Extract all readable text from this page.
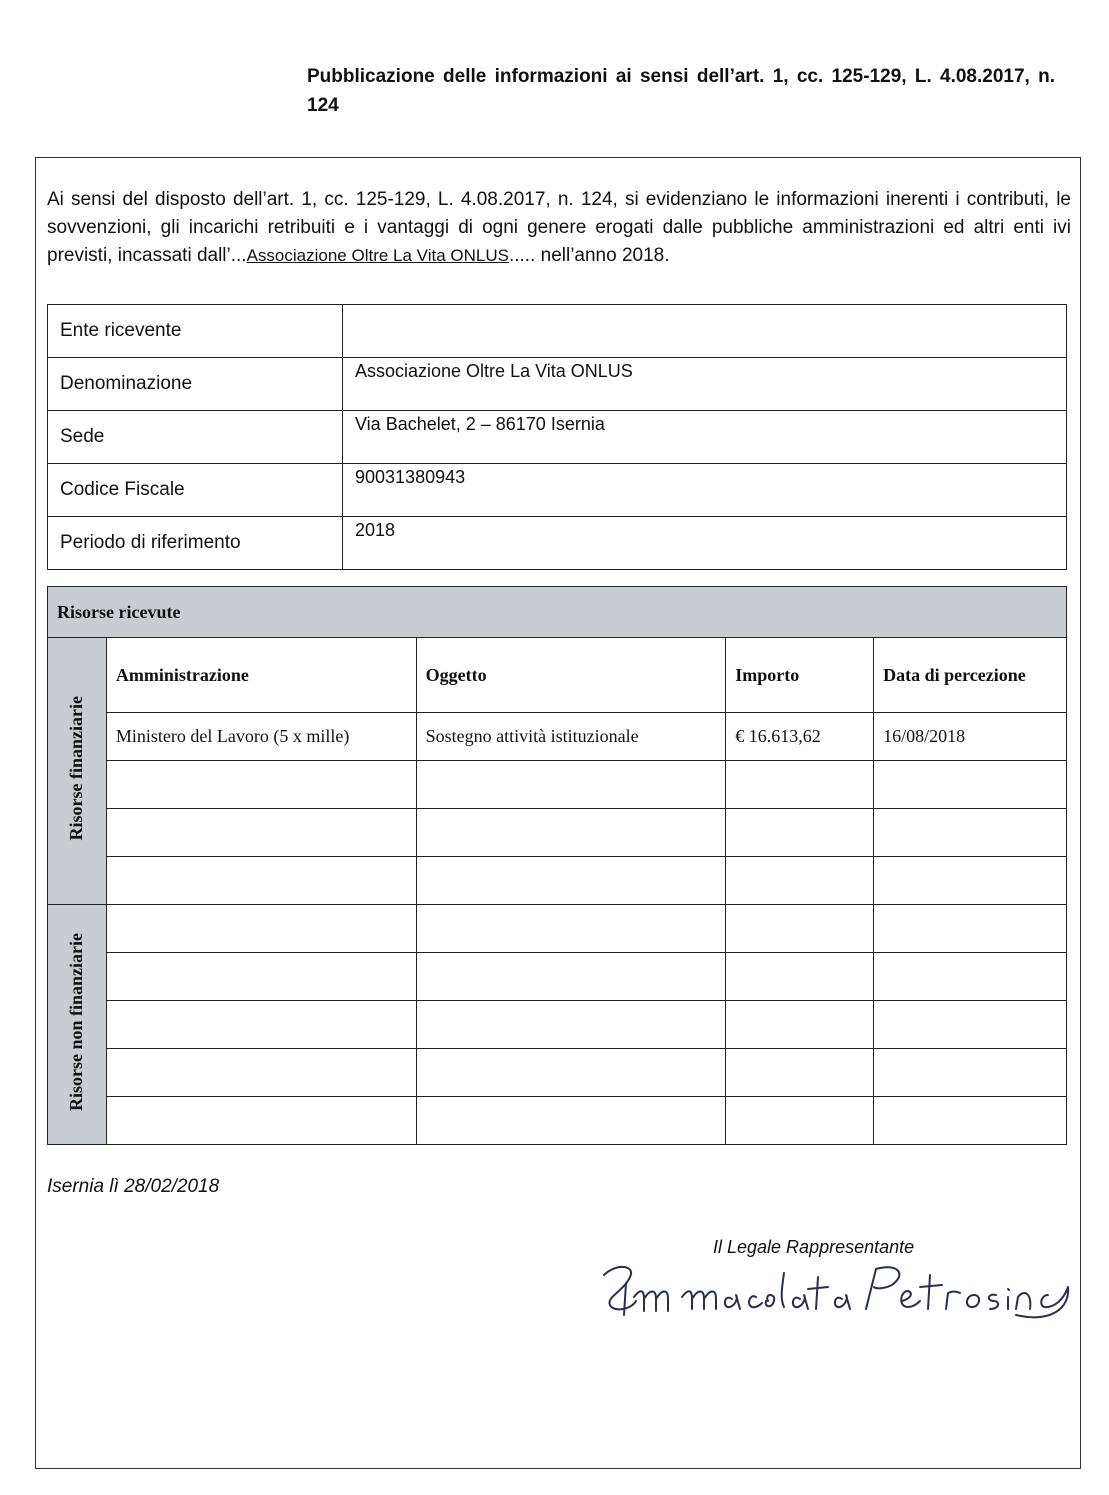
Pubblicazione delle informazioni ai sensi dell’art. 1, cc. 125-129, L. 4.08.2017, n. 124
Ai sensi del disposto dell’art. 1, cc. 125-129, L. 4.08.2017, n. 124, si evidenziano le informazioni inerenti i contributi, le sovvenzioni, gli incarichi retribuiti e i vantaggi di ogni genere erogati dalle pubbliche amministrazioni ed altri enti ivi previsti, incassati dall’...Associazione Oltre La Vita ONLUS..... nell’anno 2018.
Ente ricevente	
Denominazione	Associazione Oltre La Vita ONLUS
Sede	Via Bachelet, 2 – 86170 Isernia
Codice Fiscale	90031380943
Periodo di riferimento	2018
Risorse ricevute				
Risorse finanziarie	Amministrazione	Oggetto	Importo	Data di percezione
	Ministero del Lavoro (5 x mille)	Sostegno attività istituzionale	€ 16.613,62	16/08/2018

Risorse non finanziarie				

Isernia lì 28/02/2018
Il Legale Rappresentante
